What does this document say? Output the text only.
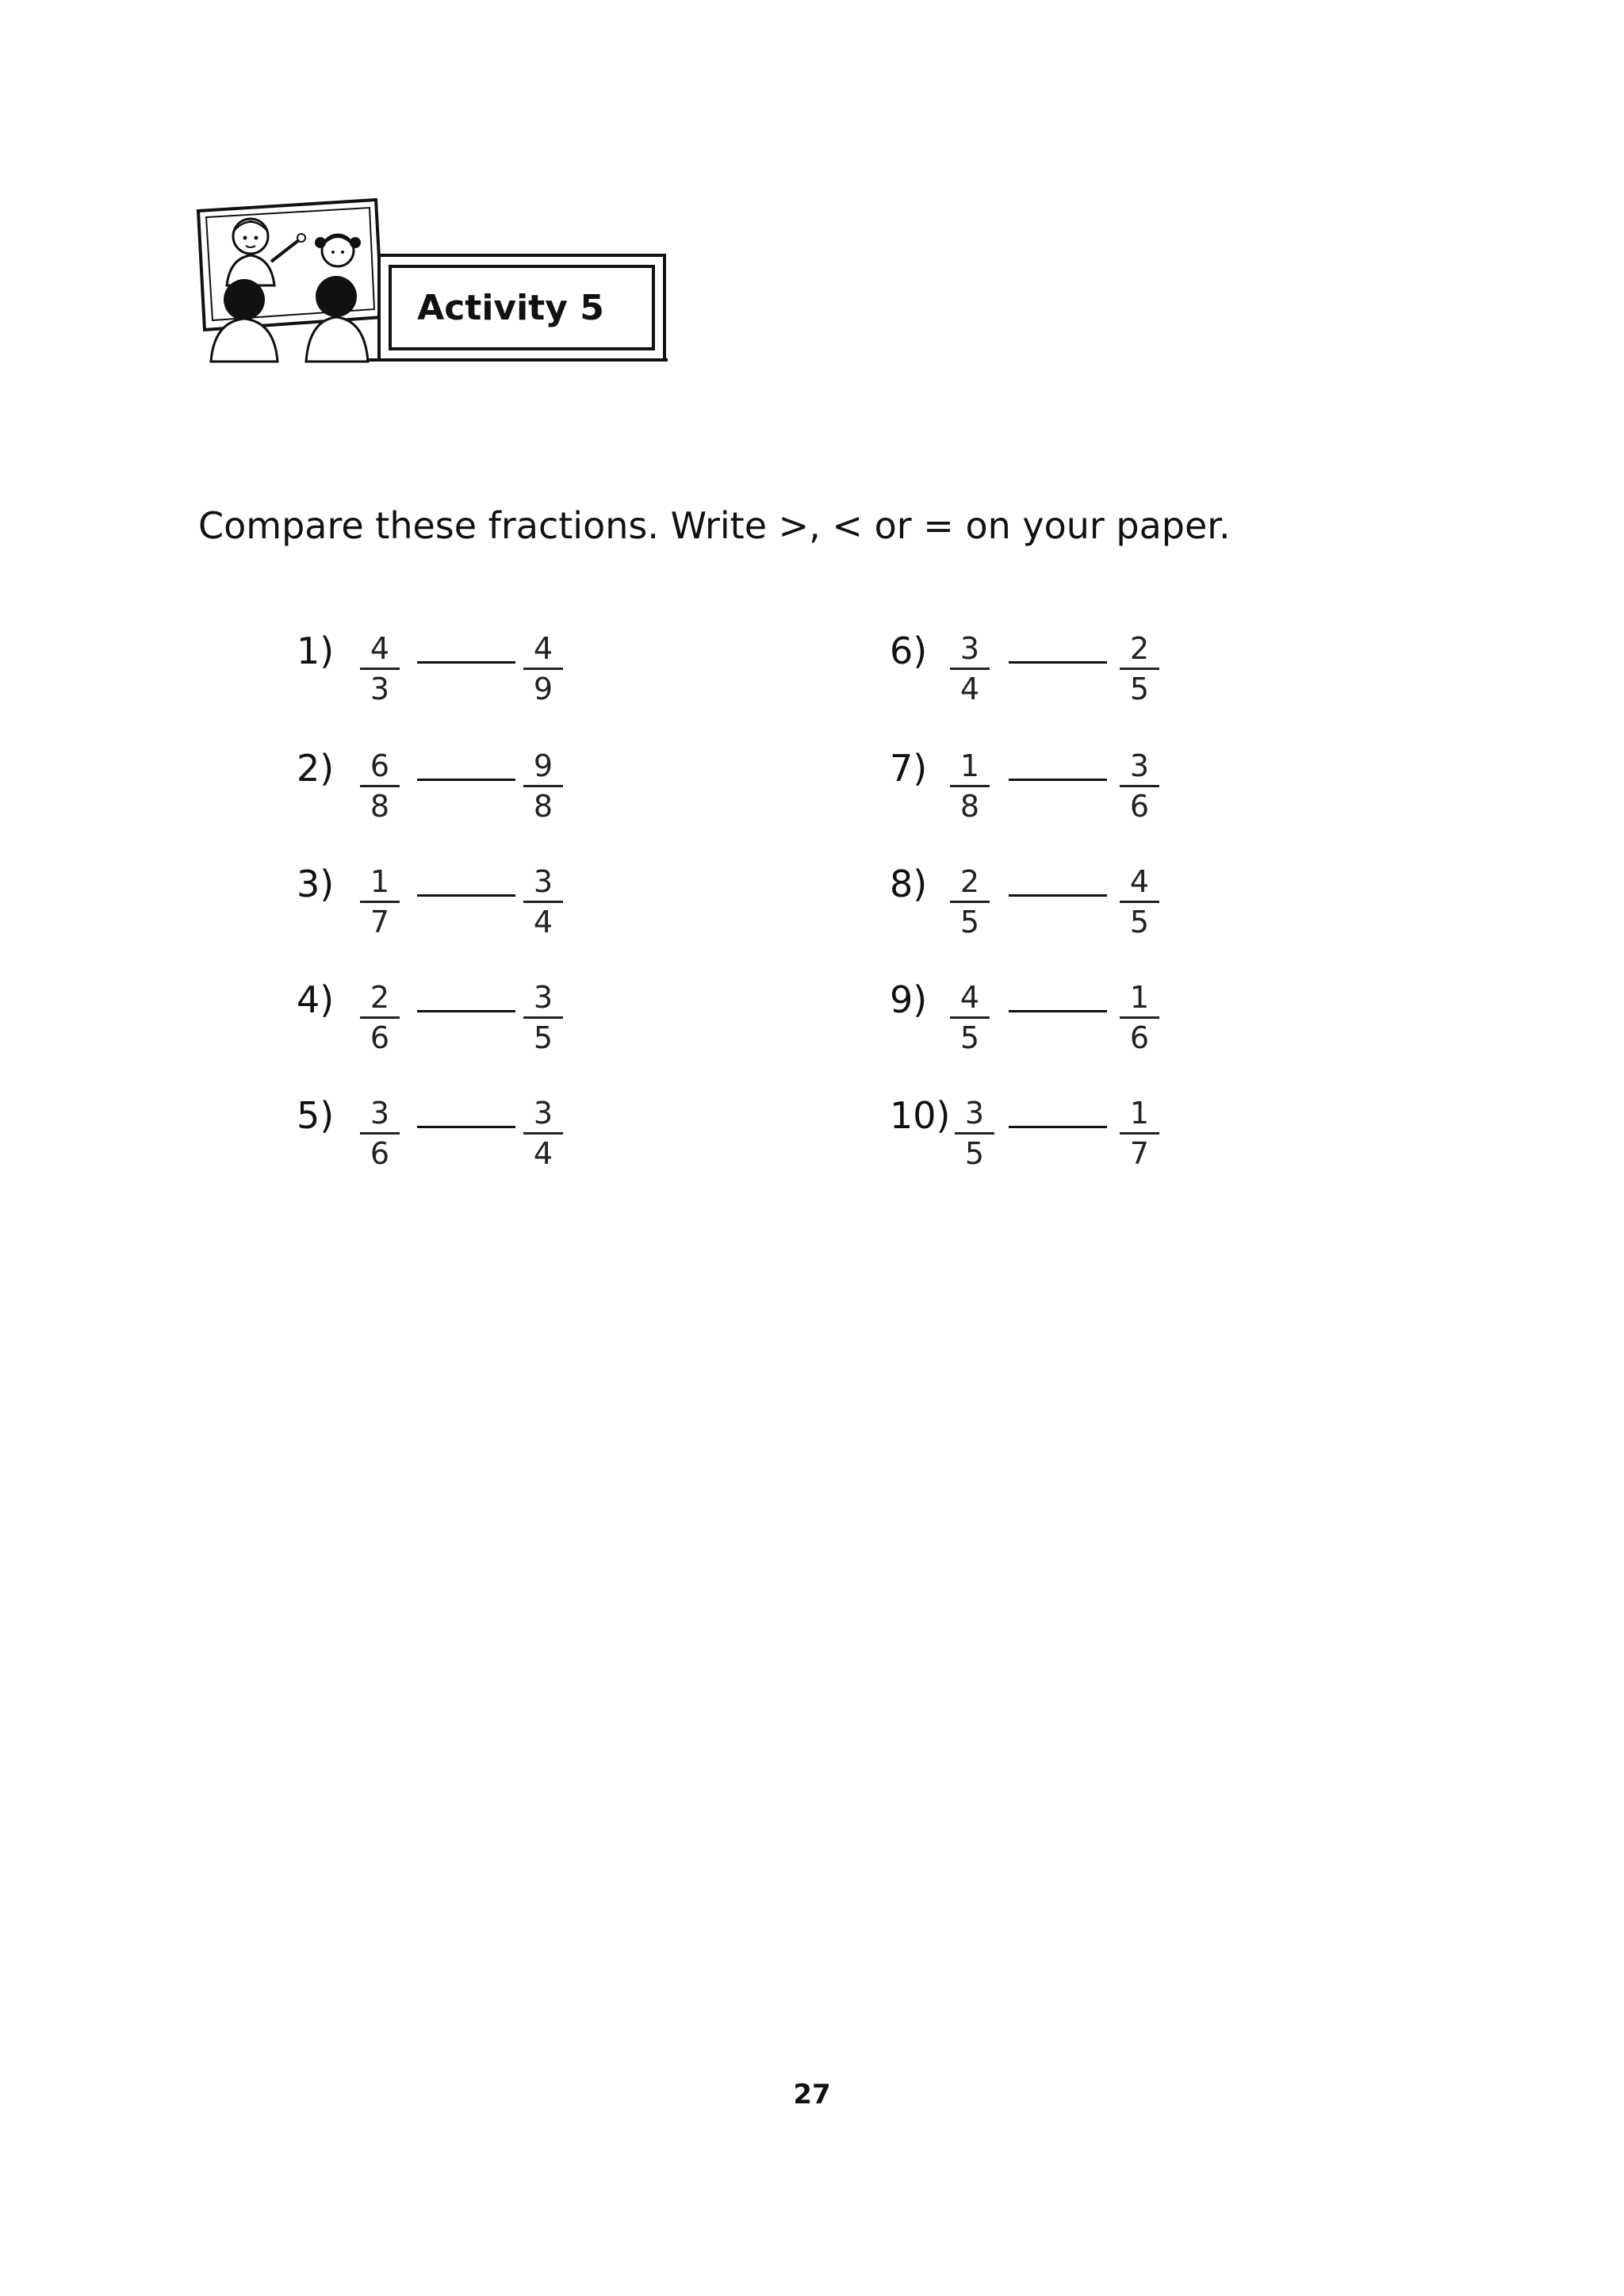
Activity 5
Compare these fractions. Write >, < or = on your paper.
$1) \frac{4}{3}$	$\frac{4}{9}$
$2) \frac{6}{8}$	$\frac{9}{8}$
$3) \frac{1}{7}$	$\frac{3}{4}$
$4) \frac{2}{6}$	$\frac{3}{5}$
$5) \frac{3}{6}$	$\frac{3}{4}$
$6) \frac{3}{4}$	$\frac{2}{5}$
$7) \frac{1}{8}$	$\frac{3}{6}$
$8) \frac{2}{5}$	$\frac{4}{5}$
$9) \frac{4}{5}$	$\frac{1}{6}$
$10) \frac{3}{5}$	$\frac{1}{7}$
27
